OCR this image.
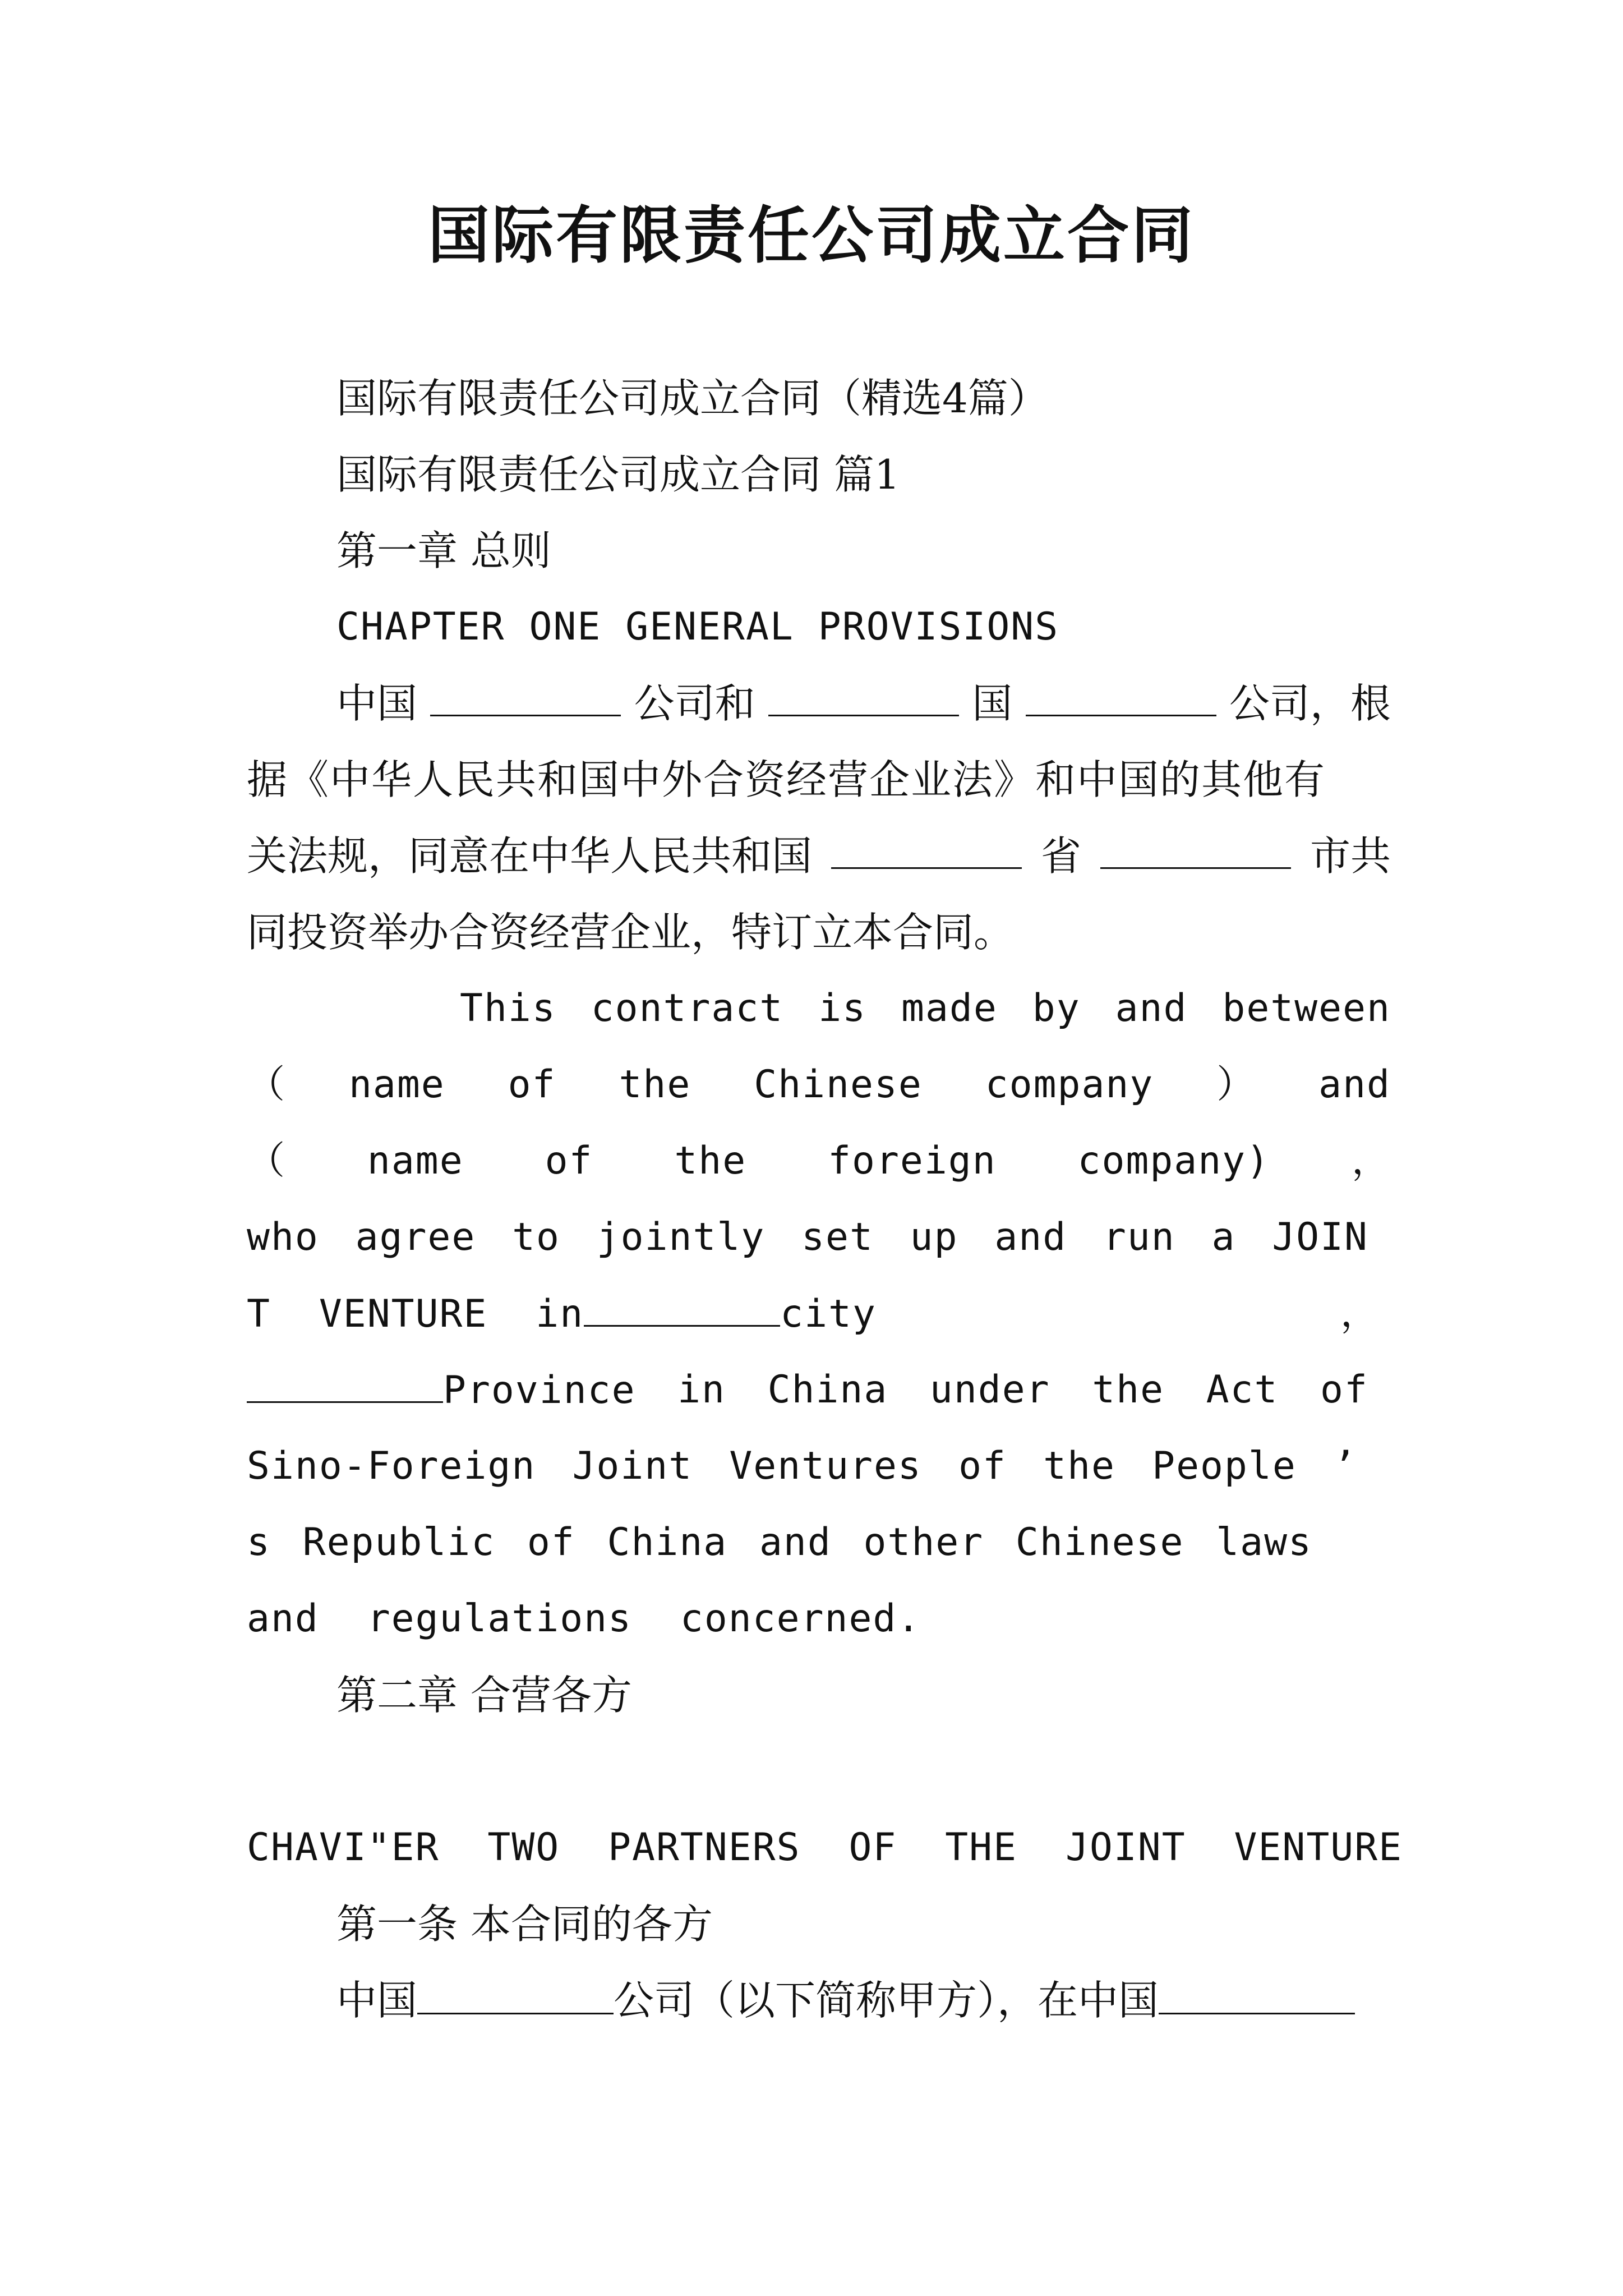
国际有限责任公司成立合同
国际有限责任公司成立合同（精选4篇）
国际有限责任公司成立合同 篇1
第一章 总则
CHAPTER ONE GENERAL PROVISIONS
中国	公司和	国	公司，根
据《中华人民共和国中外合资经营企业法》和中国的其他有
关法规，同意在中华人民共和国	省	市共
同投资举办合资经营企业，特订立本合同。
This contract is made by and between
（ name of the Chinese company ） and
（ name of the foreign company) ，
who agree to jointly set up and run a JOIN
T  VENTURE  in	city	，
Province in China under the Act of
Sino-Foreign Joint Ventures of the People ’
s Republic of China and other Chinese laws
and  regulations  concerned.
第二章 合营各方
CHAVI"ER  TWO  PARTNERS  OF  THE  JOINT  VENTURE
第一条 本合同的各方
中国	公司（以下简称甲方），在中国
